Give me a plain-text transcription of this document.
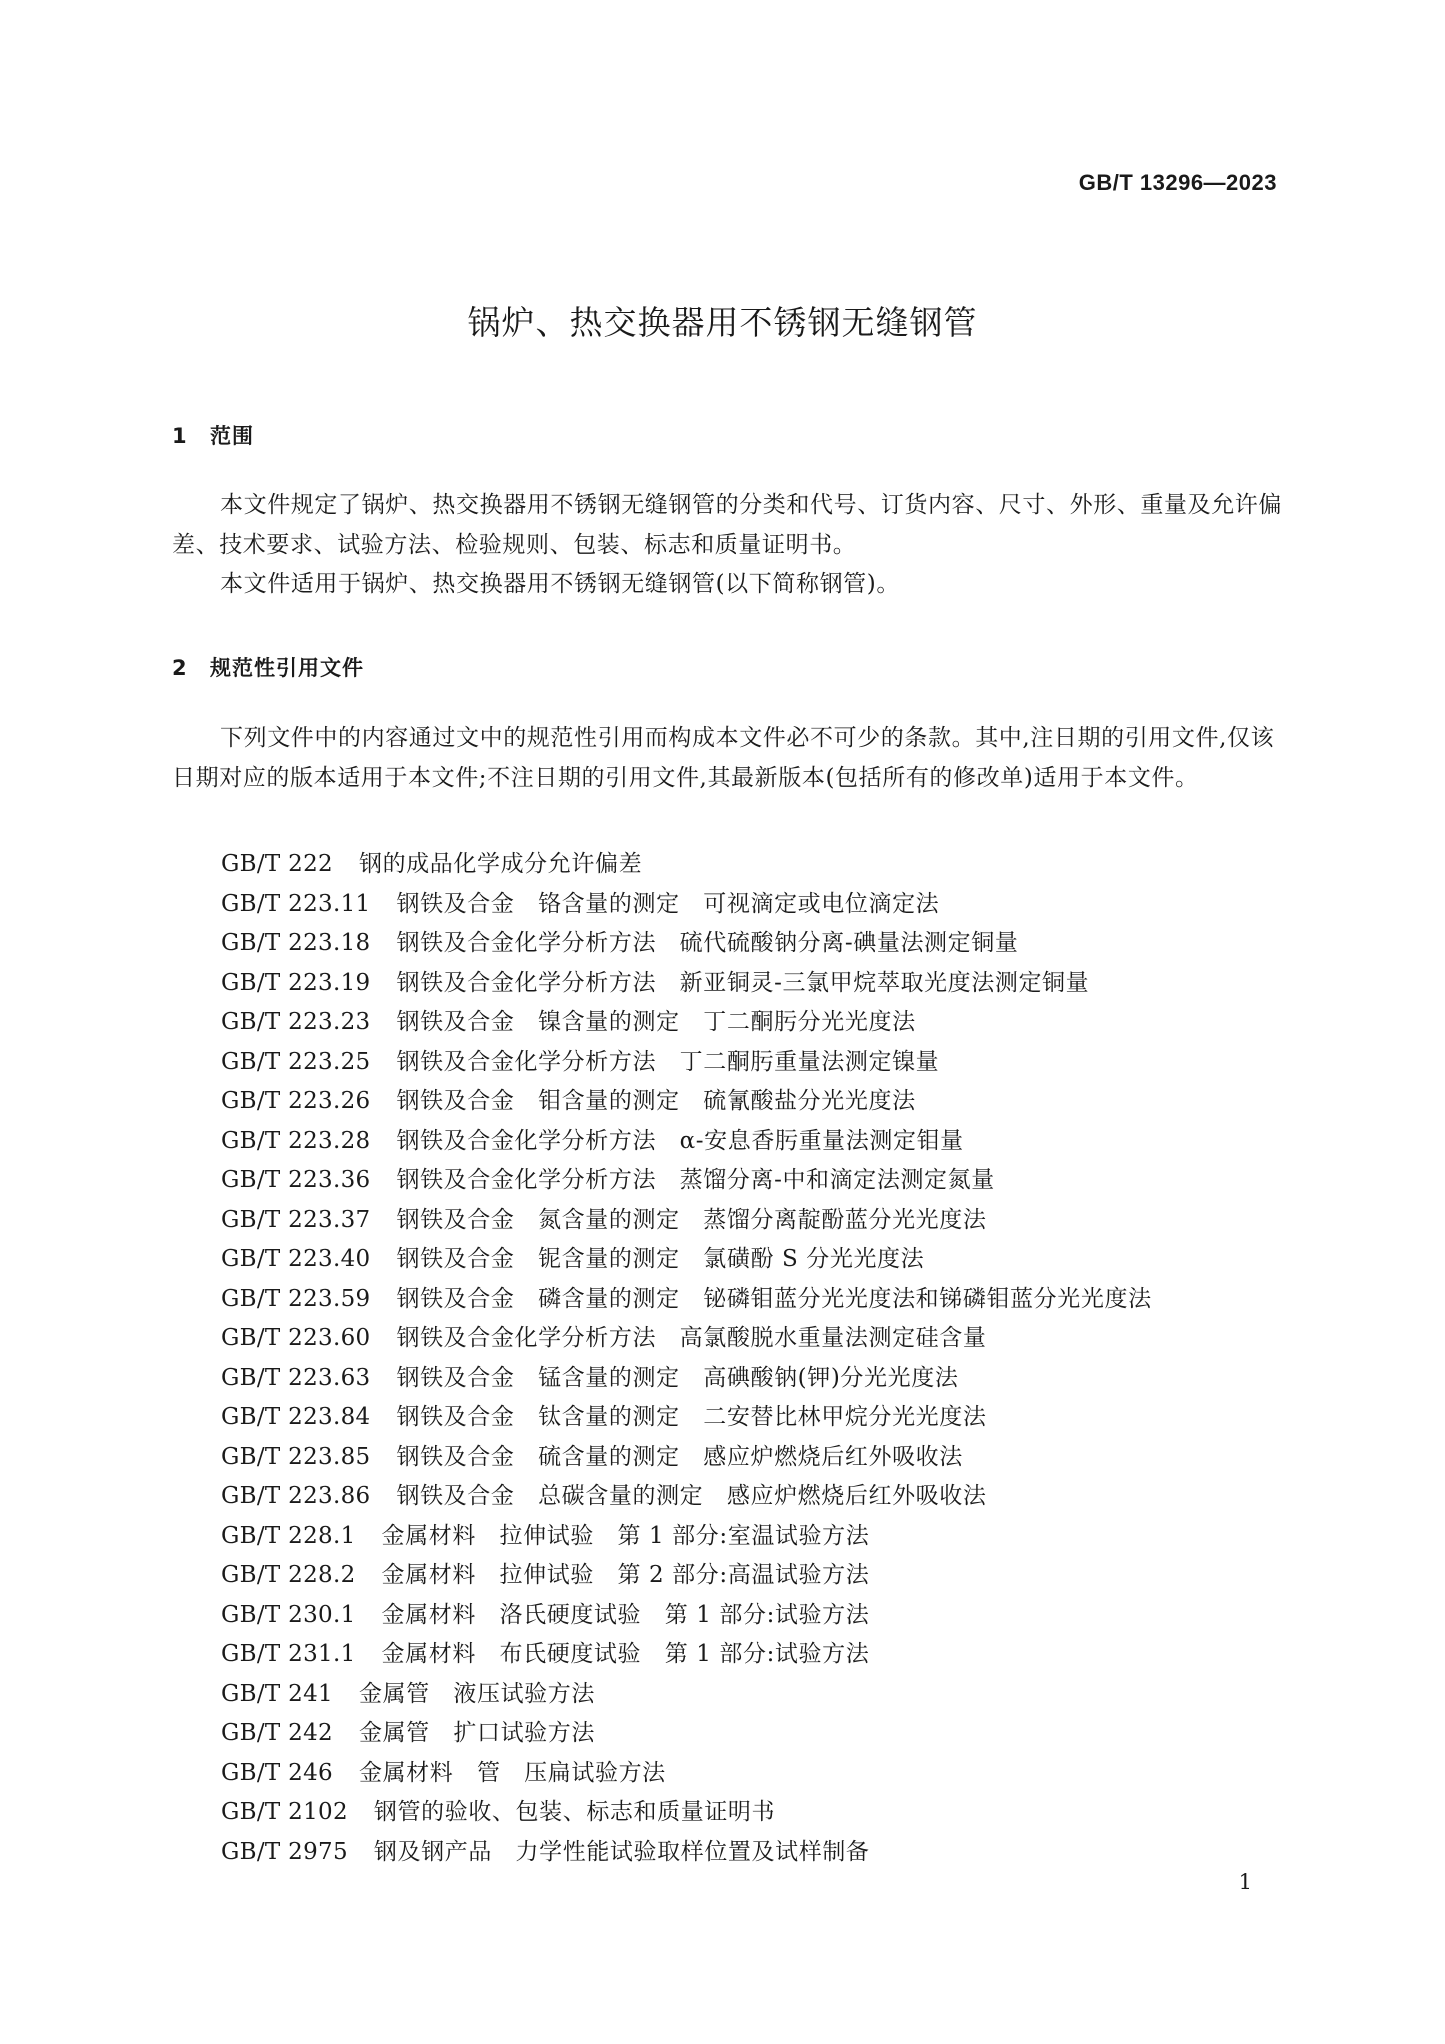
GB/T 13296—2023
锅炉、热交换器用不锈钢无缝钢管
1 范围

本文件规定了锅炉、热交换器用不锈钢无缝钢管的分类和代号、订货内容、尺寸、外形、重量及允许偏差、技术要求、试验方法、检验规则、包装、标志和质量证明书。

本文件适用于锅炉、热交换器用不锈钢无缝钢管(以下简称钢管)。

2 规范性引用文件

下列文件中的内容通过文中的规范性引用而构成本文件必不可少的条款。其中,注日期的引用文件,仅该日期对应的版本适用于本文件;不注日期的引用文件,其最新版本(包括所有的修改单)适用于本文件。

GB/T 222 钢的成品化学成分允许偏差
GB/T 223.11 钢铁及合金　铬含量的测定　可视滴定或电位滴定法
GB/T 223.18 钢铁及合金化学分析方法　硫代硫酸钠分离-碘量法测定铜量
GB/T 223.19 钢铁及合金化学分析方法　新亚铜灵-三氯甲烷萃取光度法测定铜量
GB/T 223.23 钢铁及合金　镍含量的测定　丁二酮肟分光光度法
GB/T 223.25 钢铁及合金化学分析方法　丁二酮肟重量法测定镍量
GB/T 223.26 钢铁及合金　钼含量的测定　硫氰酸盐分光光度法
GB/T 223.28 钢铁及合金化学分析方法　α-安息香肟重量法测定钼量
GB/T 223.36 钢铁及合金化学分析方法　蒸馏分离-中和滴定法测定氮量
GB/T 223.37 钢铁及合金　氮含量的测定　蒸馏分离靛酚蓝分光光度法
GB/T 223.40 钢铁及合金　铌含量的测定　氯磺酚 S 分光光度法
GB/T 223.59 钢铁及合金　磷含量的测定　铋磷钼蓝分光光度法和锑磷钼蓝分光光度法
GB/T 223.60 钢铁及合金化学分析方法　高氯酸脱水重量法测定硅含量
GB/T 223.63 钢铁及合金　锰含量的测定　高碘酸钠(钾)分光光度法
GB/T 223.84 钢铁及合金　钛含量的测定　二安替比林甲烷分光光度法
GB/T 223.85 钢铁及合金　硫含量的测定　感应炉燃烧后红外吸收法
GB/T 223.86 钢铁及合金　总碳含量的测定　感应炉燃烧后红外吸收法
GB/T 228.1 金属材料　拉伸试验　第 1 部分:室温试验方法
GB/T 228.2 金属材料　拉伸试验　第 2 部分:高温试验方法
GB/T 230.1 金属材料　洛氏硬度试验　第 1 部分:试验方法
GB/T 231.1 金属材料　布氏硬度试验　第 1 部分:试验方法
GB/T 241 金属管　液压试验方法
GB/T 242 金属管　扩口试验方法
GB/T 246 金属材料　管　压扁试验方法
GB/T 2102 钢管的验收、包装、标志和质量证明书
GB/T 2975 钢及钢产品　力学性能试验取样位置及试样制备
1
